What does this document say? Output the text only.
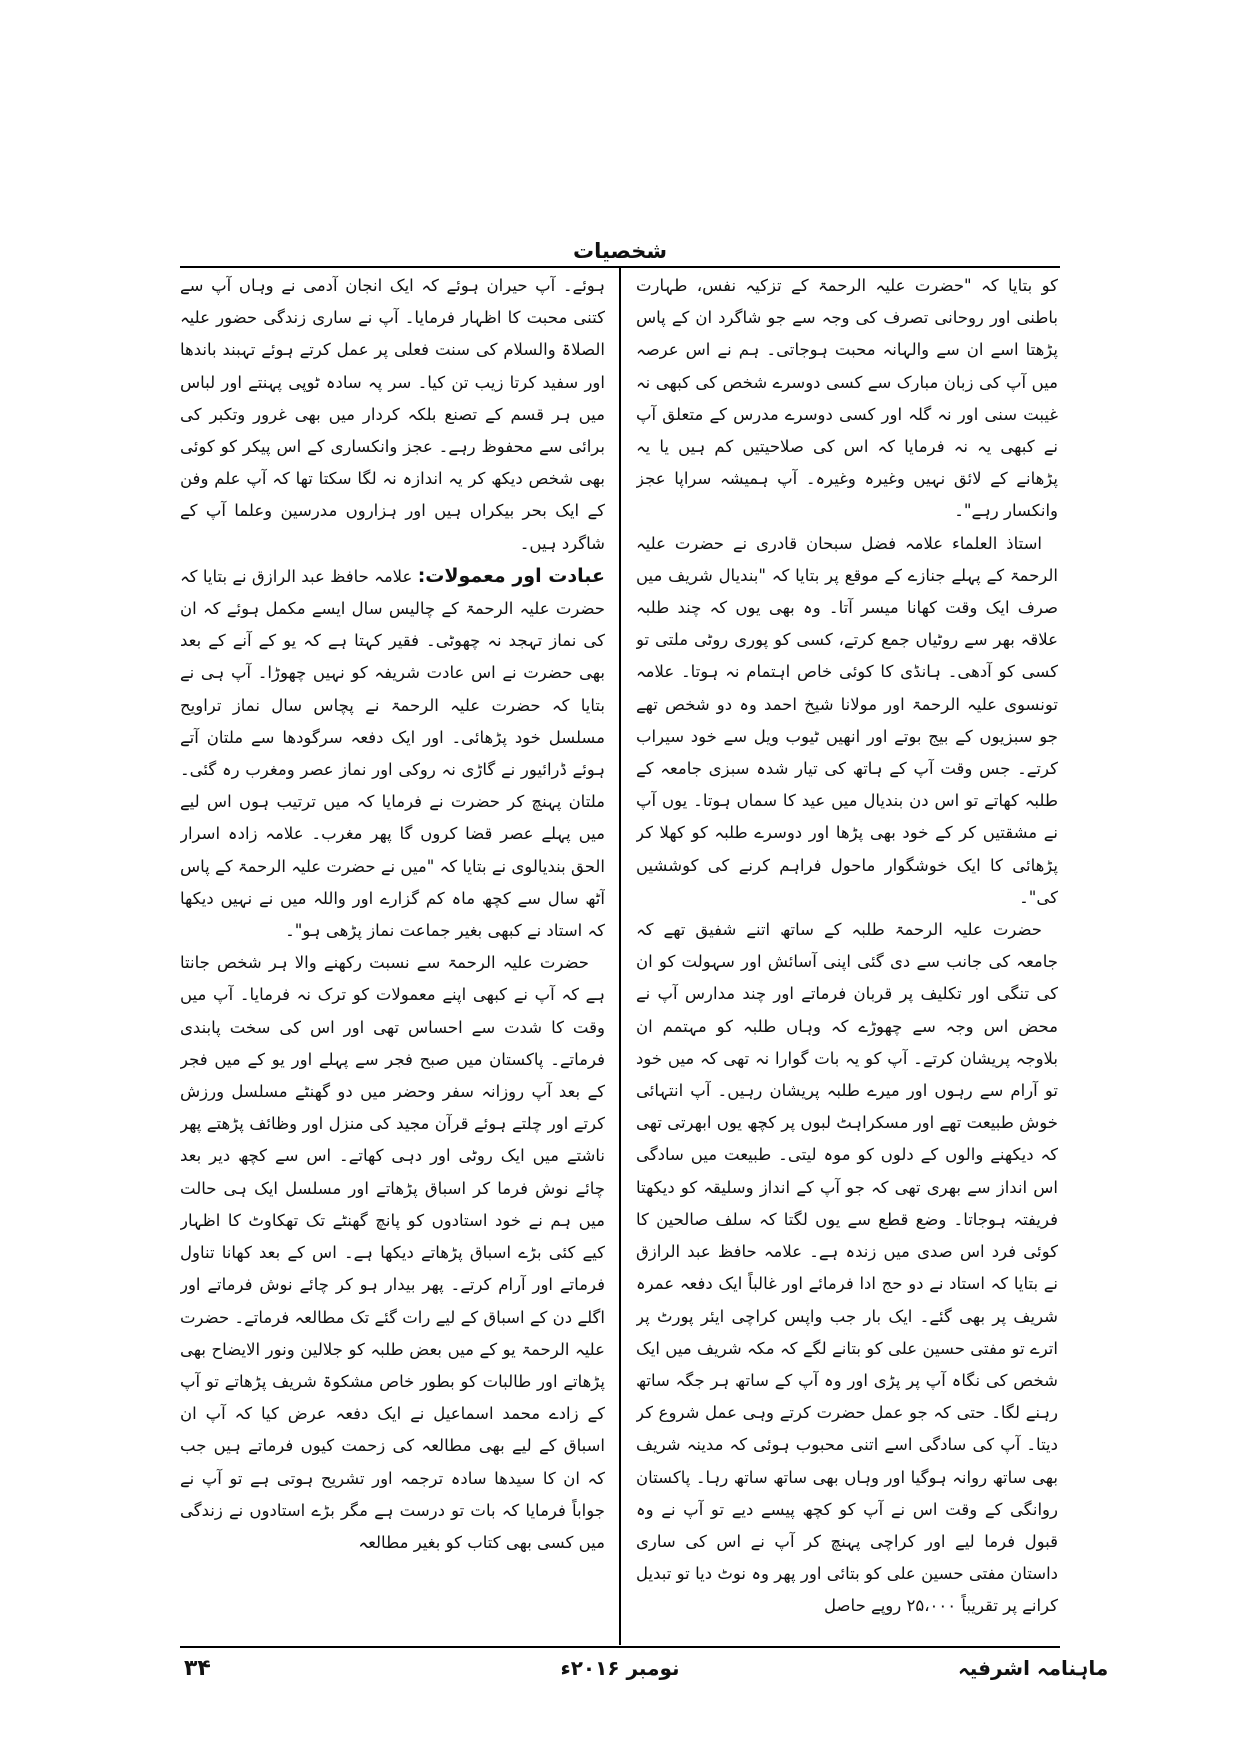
شخصیات

کو بتایا کہ "حضرت علیہ الرحمۃ کے تزکیہ نفس، طہارت باطنی اور روحانی تصرف کی وجہ سے جو شاگرد ان کے پاس پڑھتا اسے ان سے والہانہ محبت ہوجاتی۔ ہم نے اس عرصہ میں آپ کی زبان مبارک سے کسی دوسرے شخص کی کبھی نہ غیبت سنی اور نہ گلہ اور کسی دوسرے مدرس کے متعلق آپ نے کبھی یہ نہ فرمایا کہ اس کی صلاحیتیں کم ہیں یا یہ پڑھانے کے لائق نہیں وغیرہ وغیرہ۔ آپ ہمیشہ سراپا عجز وانکسار رہے"۔

استاذ العلماء علامہ فضل سبحان قادری نے حضرت علیہ الرحمۃ کے پہلے جنازے کے موقع پر بتایا کہ "بندیال شریف میں صرف ایک وقت کھانا میسر آتا۔ وہ بھی یوں کہ چند طلبہ علاقہ بھر سے روٹیاں جمع کرتے، کسی کو پوری روٹی ملتی تو کسی کو آدھی۔ ہانڈی کا کوئی خاص اہتمام نہ ہوتا۔ علامہ تونسوی علیہ الرحمۃ اور مولانا شیخ احمد وہ دو شخص تھے جو سبزیوں کے بیج بوتے اور انھیں ٹیوب ویل سے خود سیراب کرتے۔ جس وقت آپ کے ہاتھ کی تیار شدہ سبزی جامعہ کے طلبہ کھاتے تو اس دن بندیال میں عید کا سماں ہوتا۔ یوں آپ نے مشقتیں کر کے خود بھی پڑھا اور دوسرے طلبہ کو کھلا کر پڑھائی کا ایک خوشگوار ماحول فراہم کرنے کی کوششیں کی"۔

حضرت علیہ الرحمۃ طلبہ کے ساتھ اتنے شفیق تھے کہ جامعہ کی جانب سے دی گئی اپنی آسائش اور سہولت کو ان کی تنگی اور تکلیف پر قربان فرماتے اور چند مدارس آپ نے محض اس وجہ سے چھوڑے کہ وہاں طلبہ کو مہتمم ان بلاوجہ پریشان کرتے۔ آپ کو یہ بات گوارا نہ تھی کہ میں خود تو آرام سے رہوں اور میرے طلبہ پریشان رہیں۔ آپ انتہائی خوش طبیعت تھے اور مسکراہٹ لبوں پر کچھ یوں ابھرتی تھی کہ دیکھنے والوں کے دلوں کو موہ لیتی۔ طبیعت میں سادگی اس انداز سے بھری تھی کہ جو آپ کے انداز وسلیقہ کو دیکھتا فریفتہ ہوجاتا۔ وضع قطع سے یوں لگتا کہ سلف صالحین کا کوئی فرد اس صدی میں زندہ ہے۔ علامہ حافظ عبد الرازق نے بتایا کہ استاد نے دو حج ادا فرمائے اور غالباً ایک دفعہ عمرہ شریف پر بھی گئے۔ ایک بار جب واپس کراچی ایئر پورٹ پر اترے تو مفتی حسین علی کو بتانے لگے کہ مکہ شریف میں ایک شخص کی نگاہ آپ پر پڑی اور وہ آپ کے ساتھ ہر جگہ ساتھ رہنے لگا۔ حتی کہ جو عمل حضرت کرتے وہی عمل شروع کر دیتا۔ آپ کی سادگی اسے اتنی محبوب ہوئی کہ مدینہ شریف بھی ساتھ روانہ ہوگیا اور وہاں بھی ساتھ ساتھ رہا۔ پاکستان روانگی کے وقت اس نے آپ کو کچھ پیسے دیے تو آپ نے وہ قبول فرما لیے اور کراچی پہنچ کر آپ نے اس کی ساری داستان مفتی حسین علی کو بتائی اور پھر وہ نوٹ دیا تو تبدیل کرانے پر تقریباً ۲۵،۰۰۰ روپے حاصل

ہوئے۔ آپ حیران ہوئے کہ ایک انجان آدمی نے وہاں آپ سے کتنی محبت کا اظہار فرمایا۔ آپ نے ساری زندگی حضور علیہ الصلاۃ والسلام کی سنت فعلی پر عمل کرتے ہوئے تہبند باندھا اور سفید کرتا زیب تن کیا۔ سر پہ سادہ ٹوپی پہنتے اور لباس میں ہر قسم کے تصنع بلکہ کردار میں بھی غرور وتکبر کی برائی سے محفوظ رہے۔ عجز وانکساری کے اس پیکر کو کوئی بھی شخص دیکھ کر یہ اندازہ نہ لگا سکتا تھا کہ آپ علم وفن کے ایک بحر بیکراں ہیں اور ہزاروں مدرسین وعلما آپ کے شاگرد ہیں۔

عبادت اور معمولات: علامہ حافظ عبد الرازق نے بتایا کہ حضرت علیہ الرحمۃ کے چالیس سال ایسے مکمل ہوئے کہ ان کی نماز تہجد نہ چھوٹی۔ فقیر کہتا ہے کہ یو کے آنے کے بعد بھی حضرت نے اس عادت شریفہ کو نہیں چھوڑا۔ آپ ہی نے بتایا کہ حضرت علیہ الرحمۃ نے پچاس سال نماز تراویح مسلسل خود پڑھائی۔ اور ایک دفعہ سرگودھا سے ملتان آتے ہوئے ڈرائیور نے گاڑی نہ روکی اور نماز عصر ومغرب رہ گئی۔ ملتان پہنچ کر حضرت نے فرمایا کہ میں ترتیب ہوں اس لیے میں پہلے عصر قضا کروں گا پھر مغرب۔ علامہ زادہ اسرار الحق بندیالوی نے بتایا کہ "میں نے حضرت علیہ الرحمۃ کے پاس آٹھ سال سے کچھ ماہ کم گزارے اور واللہ میں نے نہیں دیکھا کہ استاد نے کبھی بغیر جماعت نماز پڑھی ہو"۔

حضرت علیہ الرحمۃ سے نسبت رکھنے والا ہر شخص جانتا ہے کہ آپ نے کبھی اپنے معمولات کو ترک نہ فرمایا۔ آپ میں وقت کا شدت سے احساس تھی اور اس کی سخت پابندی فرماتے۔ پاکستان میں صبح فجر سے پہلے اور یو کے میں فجر کے بعد آپ روزانہ سفر وحضر میں دو گھنٹے مسلسل ورزش کرتے اور چلتے ہوئے قرآن مجید کی منزل اور وظائف پڑھتے پھر ناشتے میں ایک روٹی اور دہی کھاتے۔ اس سے کچھ دیر بعد چائے نوش فرما کر اسباق پڑھاتے اور مسلسل ایک ہی حالت میں ہم نے خود استادوں کو پانچ گھنٹے تک تھکاوٹ کا اظہار کیے کئی بڑے اسباق پڑھاتے دیکھا ہے۔ اس کے بعد کھانا تناول فرماتے اور آرام کرتے۔ پھر بیدار ہو کر چائے نوش فرماتے اور اگلے دن کے اسباق کے لیے رات گئے تک مطالعہ فرماتے۔ حضرت علیہ الرحمۃ یو کے میں بعض طلبہ کو جلالین ونور الایضاح بھی پڑھاتے اور طالبات کو بطور خاص مشکوۃ شریف پڑھاتے تو آپ کے زادے محمد اسماعیل نے ایک دفعہ عرض کیا کہ آپ ان اسباق کے لیے بھی مطالعہ کی زحمت کیوں فرماتے ہیں جب کہ ان کا سیدھا سادہ ترجمہ اور تشریح ہوتی ہے تو آپ نے جواباً فرمایا کہ بات تو درست ہے مگر بڑے استادوں نے زندگی میں کسی بھی کتاب کو بغیر مطالعہ

ماہنامہ اشرفیہ
نومبر ۲۰۱۶ء
۳۴
